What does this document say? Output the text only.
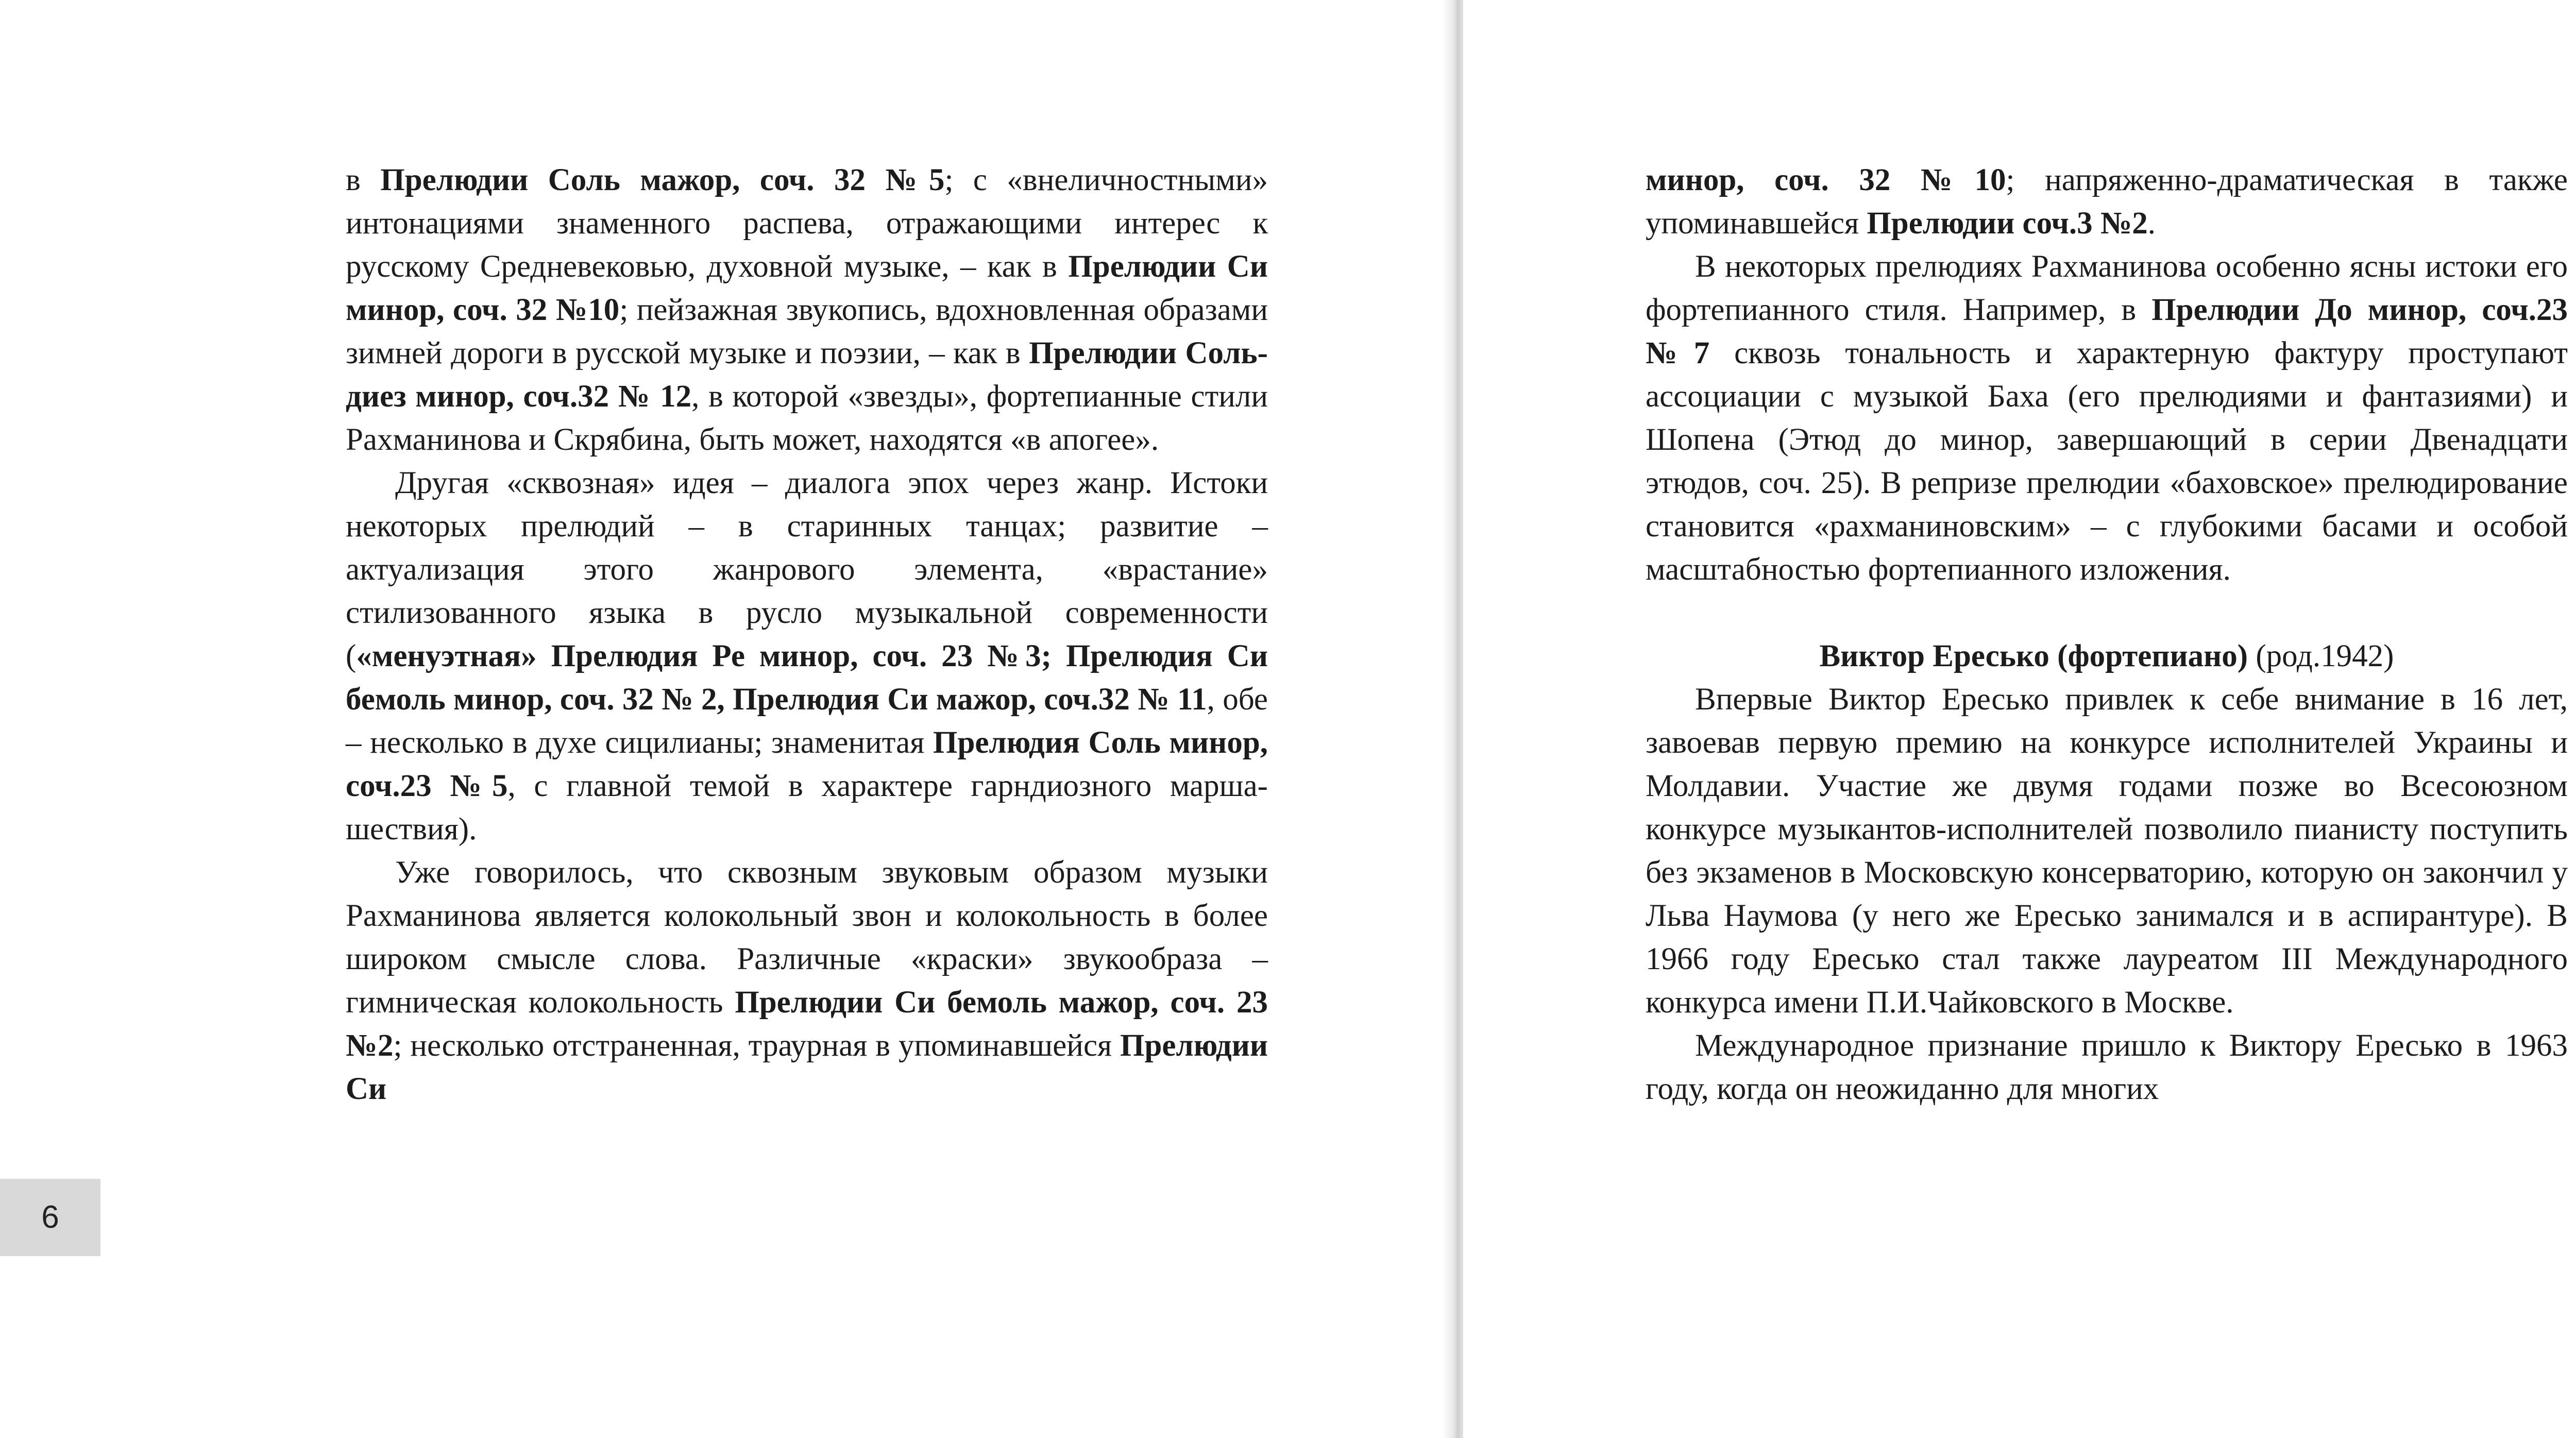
в Прелюдии Соль мажор, соч. 32 №5; с «внеличностными» интонациями знаменного распева, отражающими интерес к русскому Средневековью, духовной музыке, – как в Прелюдии Си минор, соч. 32 №10; пейзажная звукопись, вдохновленная образами зимней дороги в русской музыке и поэзии, – как в Прелюдии Соль-диез минор, соч.32 № 12, в которой «звезды», фортепианные стили Рахманинова и Скрябина, быть может, находятся «в апогее».

Другая «сквозная» идея – диалога эпох через жанр. Истоки некоторых прелюдий – в старинных танцах; развитие – актуализация этого жанрового элемента, «врастание» стилизованного языка в русло музыкальной современности («менуэтная» Прелюдия Ре минор, соч. 23 №3; Прелюдия Си бемоль минор, соч. 32 № 2, Прелюдия Си мажор, соч.32 № 11, обе – несколько в духе сицилианы; знаменитая Прелюдия Соль минор, соч.23 №5, с главной темой в характере гарндиозного марша-шествия).

Уже говорилось, что сквозным звуковым образом музыки Рахманинова является колокольный звон и колокольность в более широком смысле слова. Различные «краски» звукообраза – гимническая колокольность Прелюдии Си бемоль мажор, соч. 23 №2; несколько отстраненная, траурная в упоминавшейся Прелюдии Си

6

минор, соч. 32 №10; напряженно-драматическая в также упоминавшейся Прелюдии соч.3 №2.

В некоторых прелюдиях Рахманинова особенно ясны истоки его фортепианного стиля. Например, в Прелюдии До минор, соч.23 №7 сквозь тональность и характерную фактуру проступают ассоциации с музыкой Баха (его прелюдиями и фантазиями) и Шопена (Этюд до минор, завершающий в серии Двенадцати этюдов, соч. 25). В репризе прелюдии «баховское» прелюдирование становится «рахманиновским» – с глубокими басами и особой масштабностью фортепианного изложения.

Виктор Ересько (фортепиано) (род.1942)

Впервые Виктор Ересько привлек к себе внимание в 16 лет, завоевав первую премию на конкурсе исполнителей Украины и Молдавии. Участие же двумя годами позже во Всесоюзном конкурсе музыкантов-исполнителей позволило пианисту поступить без экзаменов в Московскую консерваторию, которую он закончил у Льва Наумова (у него же Ересько занимался и в аспирантуре). В 1966 году Ересько стал также лауреатом III Международного конкурса имени П.И.Чайковского в Москве.

Международное признание пришло к Виктору Ересько в 1963 году, когда он неожиданно для многих
